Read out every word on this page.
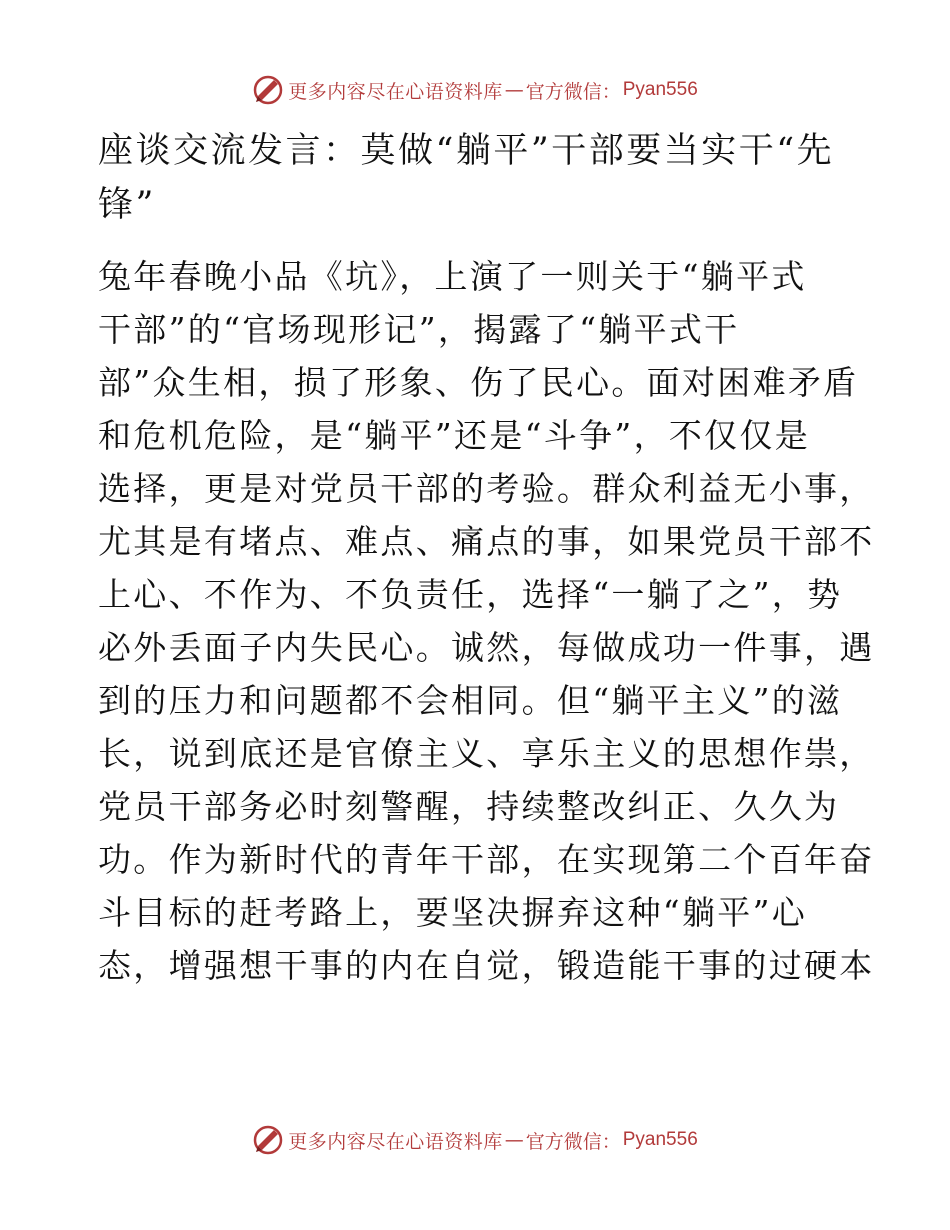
更多内容尽在心语资料库 — 官方微信： Pyan556
座谈交流发言：莫做“躺平”干部要当实干“先
锋”
兔年春晚小品《坑》，上演了一则关于“躺平式
干部”的“官场现形记”，揭露了“躺平式干
部”众生相，损了形象、伤了民心。面对困难矛盾
和危机危险，是“躺平”还是“斗争”，不仅仅是
选择，更是对党员干部的考验。群众利益无小事，
尤其是有堵点、难点、痛点的事，如果党员干部不
上心、不作为、不负责任，选择“一躺了之”，势
必外丢面子内失民心。诚然，每做成功一件事，遇
到的压力和问题都不会相同。但“躺平主义”的滋
长，说到底还是官僚主义、享乐主义的思想作祟，
党员干部务必时刻警醒，持续整改纠正、久久为
功。作为新时代的青年干部，在实现第二个百年奋
斗目标的赶考路上，要坚决摒弃这种“躺平”心
态，增强想干事的内在自觉，锻造能干事的过硬本
更多内容尽在心语资料库 — 官方微信： Pyan556
